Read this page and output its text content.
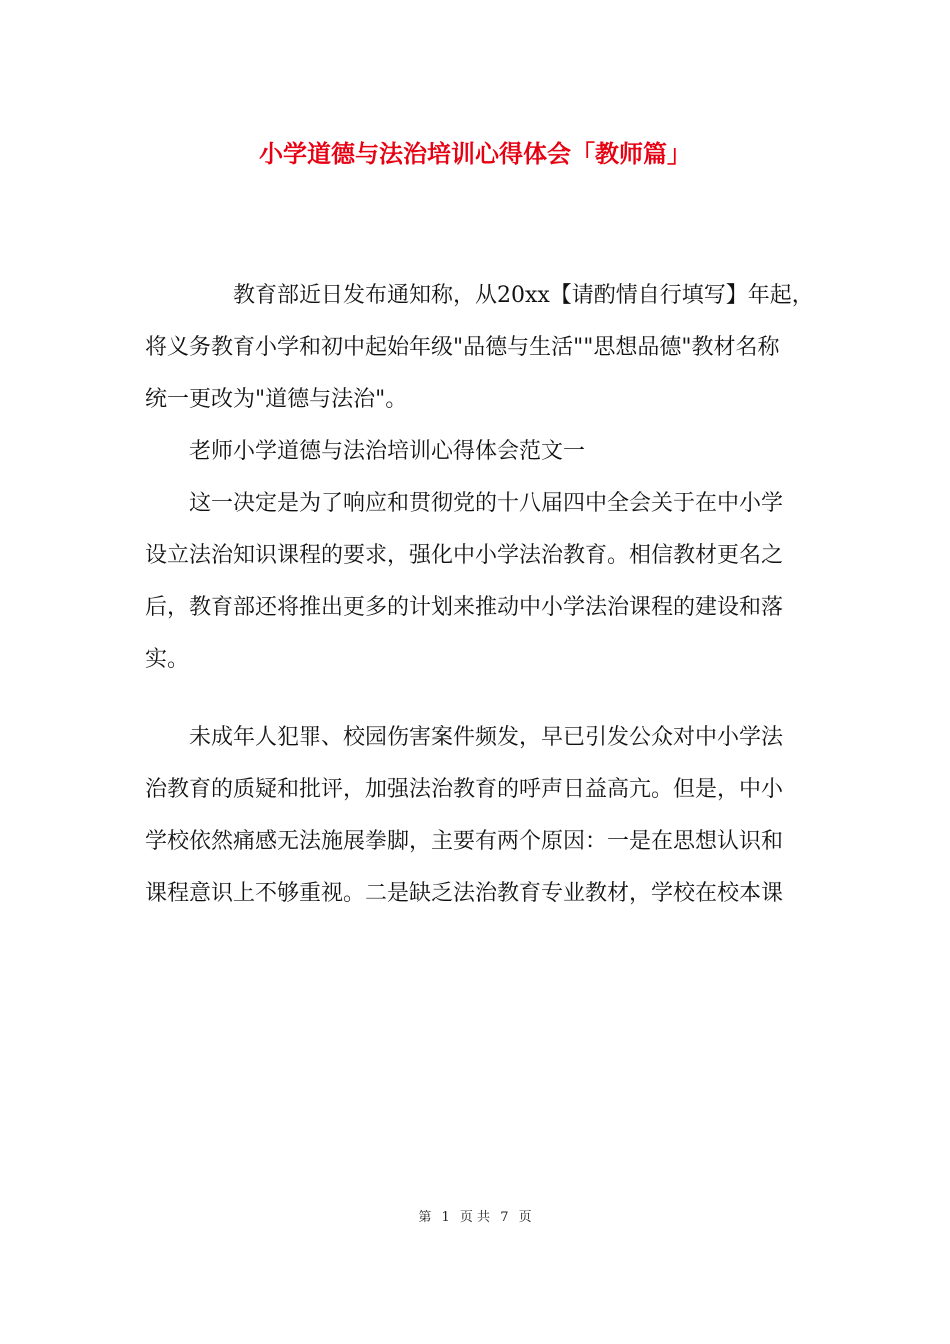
小学道德与法治培训心得体会「教师篇」
　　　　教育部近日发布通知称，从20xx【请酌情自行填写】年起，
将义务教育小学和初中起始年级"品德与生活""思想品德"教材名称
统一更改为"道德与法治"。
　　老师小学道德与法治培训心得体会范文一
　　这一决定是为了响应和贯彻党的十八届四中全会关于在中小学
设立法治知识课程的要求，强化中小学法治教育。相信教材更名之
后，教育部还将推出更多的计划来推动中小学法治课程的建设和落
实。
　　未成年人犯罪、校园伤害案件频发，早已引发公众对中小学法
治教育的质疑和批评，加强法治教育的呼声日益高亢。但是，中小
学校依然痛感无法施展拳脚，主要有两个原因：一是在思想认识和
课程意识上不够重视。二是缺乏法治教育专业教材，学校在校本课
第 1 页 共 7 页
